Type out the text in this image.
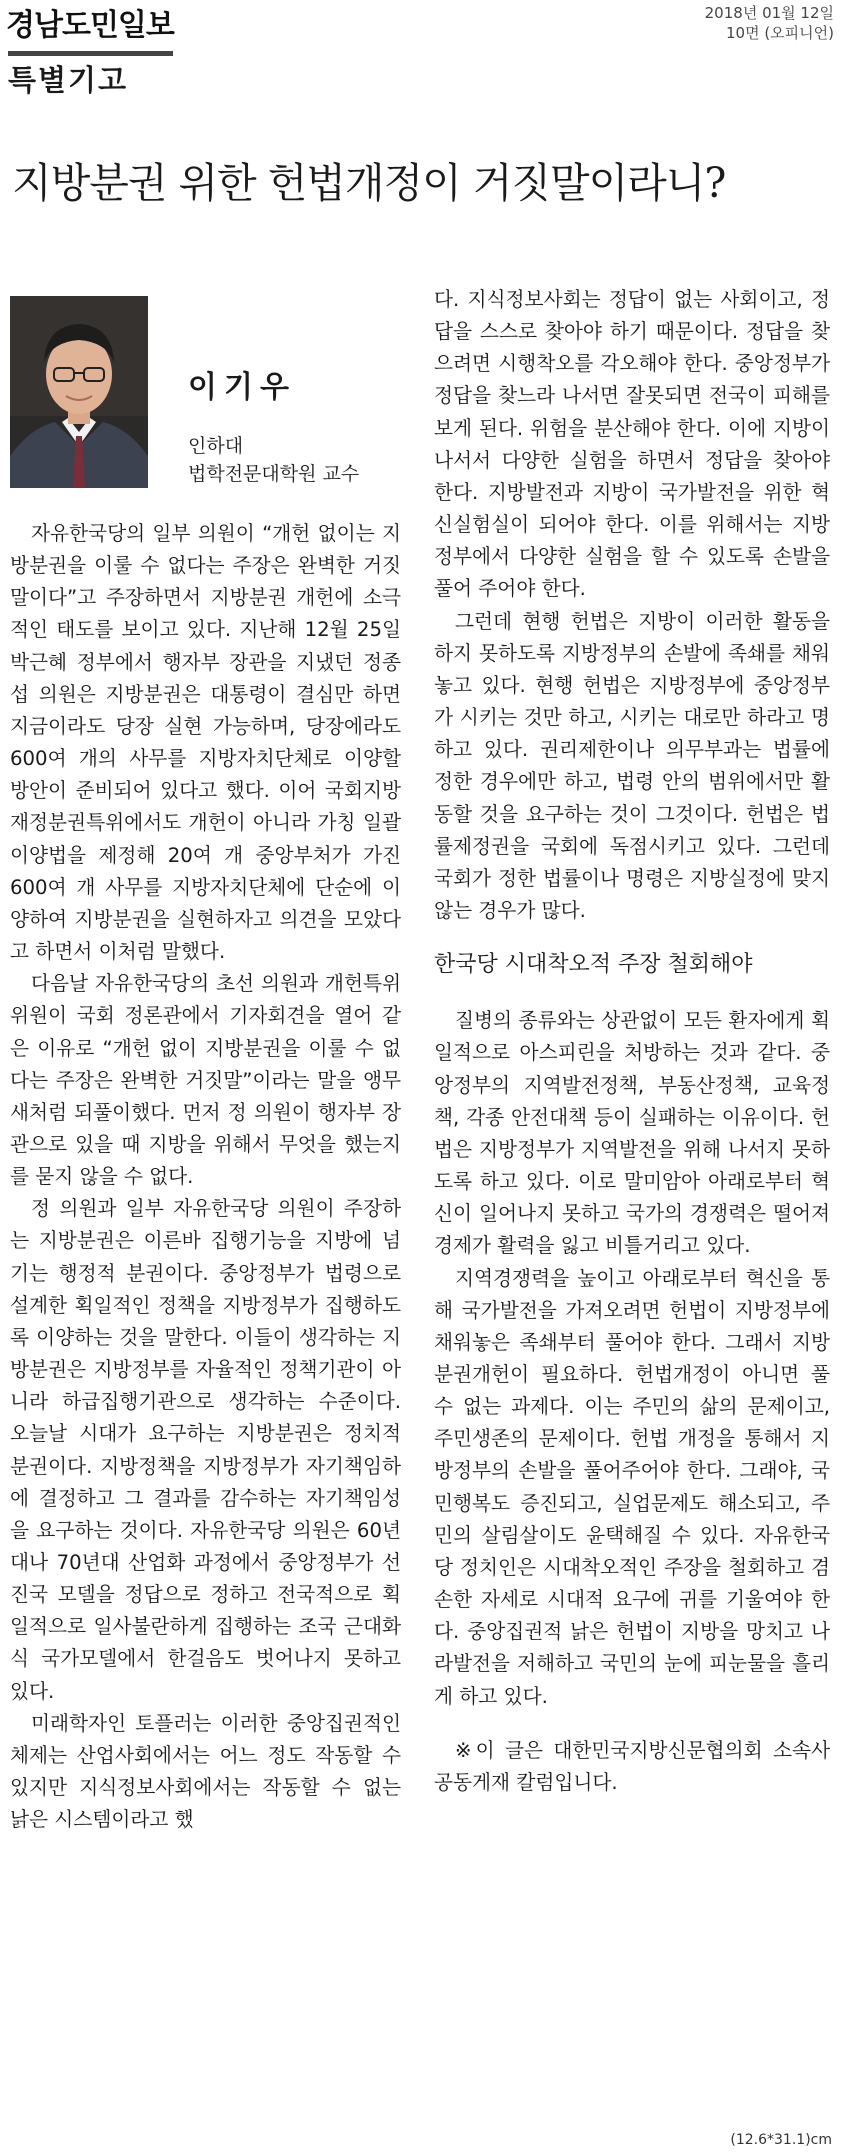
경남도민일보	2018년 01월 12일
10면 (오피니언)
특별기고
지방분권 위한 헌법개정이 거짓말이라니?
이기우
인하대
법학전문대학원 교수

자유한국당의 일부 의원이 “개헌 없이는 지방분권을 이룰 수 없다는 주장은 완벽한 거짓말이다”고 주장하면서 지방분권 개헌에 소극적인 태도를 보이고 있다. 지난해 12월 25일 박근혜 정부에서 행자부 장관을 지냈던 정종섭 의원은 지방분권은 대통령이 결심만 하면 지금이라도 당장 실현 가능하며, 당장에라도 600여 개의 사무를 지방자치단체로 이양할 방안이 준비되어 있다고 했다. 이어 국회지방재정분권특위에서도 개헌이 아니라 가칭 일괄이양법을 제정해 20여 개 중앙부처가 가진 600여 개 사무를 지방자치단체에 단순에 이양하여 지방분권을 실현하자고 의견을 모았다고 하면서 이처럼 말했다.

다음날 자유한국당의 초선 의원과 개헌특위 위원이 국회 정론관에서 기자회견을 열어 같은 이유로 “개헌 없이 지방분권을 이룰 수 없다는 주장은 완벽한 거짓말”이라는 말을 앵무새처럼 되풀이했다. 먼저 정 의원이 행자부 장관으로 있을 때 지방을 위해서 무엇을 했는지를 묻지 않을 수 없다.

정 의원과 일부 자유한국당 의원이 주장하는 지방분권은 이른바 집행기능을 지방에 넘기는 행정적 분권이다. 중앙정부가 법령으로 설계한 획일적인 정책을 지방정부가 집행하도록 이양하는 것을 말한다. 이들이 생각하는 지방분권은 지방정부를 자율적인 정책기관이 아니라 하급집행기관으로 생각하는 수준이다. 오늘날 시대가 요구하는 지방분권은 정치적 분권이다. 지방정책을 지방정부가 자기책임하에 결정하고 그 결과를 감수하는 자기책임성을 요구하는 것이다. 자유한국당 의원은 60년대나 70년대 산업화 과정에서 중앙정부가 선진국 모델을 정답으로 정하고 전국적으로 획일적으로 일사불란하게 집행하는 조국 근대화식 국가모델에서 한걸음도 벗어나지 못하고 있다.

미래학자인 토플러는 이러한 중앙집권적인 체제는 산업사회에서는 어느 정도 작동할 수 있지만 지식정보사회에서는 작동할 수 없는 낡은 시스템이라고 했

다. 지식정보사회는 정답이 없는 사회이고, 정답을 스스로 찾아야 하기 때문이다. 정답을 찾으려면 시행착오를 각오해야 한다. 중앙정부가 정답을 찾느라 나서면 잘못되면 전국이 피해를 보게 된다. 위험을 분산해야 한다. 이에 지방이 나서서 다양한 실험을 하면서 정답을 찾아야 한다. 지방발전과 지방이 국가발전을 위한 혁신실험실이 되어야 한다. 이를 위해서는 지방정부에서 다양한 실험을 할 수 있도록 손발을 풀어 주어야 한다.

그런데 현행 헌법은 지방이 이러한 활동을 하지 못하도록 지방정부의 손발에 족쇄를 채워놓고 있다. 현행 헌법은 지방정부에 중앙정부가 시키는 것만 하고, 시키는 대로만 하라고 명하고 있다. 권리제한이나 의무부과는 법률에 정한 경우에만 하고, 법령 안의 범위에서만 활동할 것을 요구하는 것이 그것이다. 헌법은 법률제정권을 국회에 독점시키고 있다. 그런데 국회가 정한 법률이나 명령은 지방실정에 맞지 않는 경우가 많다.

한국당 시대착오적 주장 철회해야

질병의 종류와는 상관없이 모든 환자에게 획일적으로 아스피린을 처방하는 것과 같다. 중앙정부의 지역발전정책, 부동산정책, 교육정책, 각종 안전대책 등이 실패하는 이유이다. 헌법은 지방정부가 지역발전을 위해 나서지 못하도록 하고 있다. 이로 말미암아 아래로부터 혁신이 일어나지 못하고 국가의 경쟁력은 떨어져 경제가 활력을 잃고 비틀거리고 있다.

지역경쟁력을 높이고 아래로부터 혁신을 통해 국가발전을 가져오려면 헌법이 지방정부에 채워놓은 족쇄부터 풀어야 한다. 그래서 지방분권개헌이 필요하다. 헌법개정이 아니면 풀 수 없는 과제다. 이는 주민의 삶의 문제이고, 주민생존의 문제이다. 헌법 개정을 통해서 지방정부의 손발을 풀어주어야 한다. 그래야, 국민행복도 증진되고, 실업문제도 해소되고, 주민의 살림살이도 윤택해질 수 있다. 자유한국당 정치인은 시대착오적인 주장을 철회하고 겸손한 자세로 시대적 요구에 귀를 기울여야 한다. 중앙집권적 낡은 헌법이 지방을 망치고 나라발전을 저해하고 국민의 눈에 피눈물을 흘리게 하고 있다.

※이 글은 대한민국지방신문협의회 소속사 공동게재 칼럼입니다.

(12.6*31.1)cm
